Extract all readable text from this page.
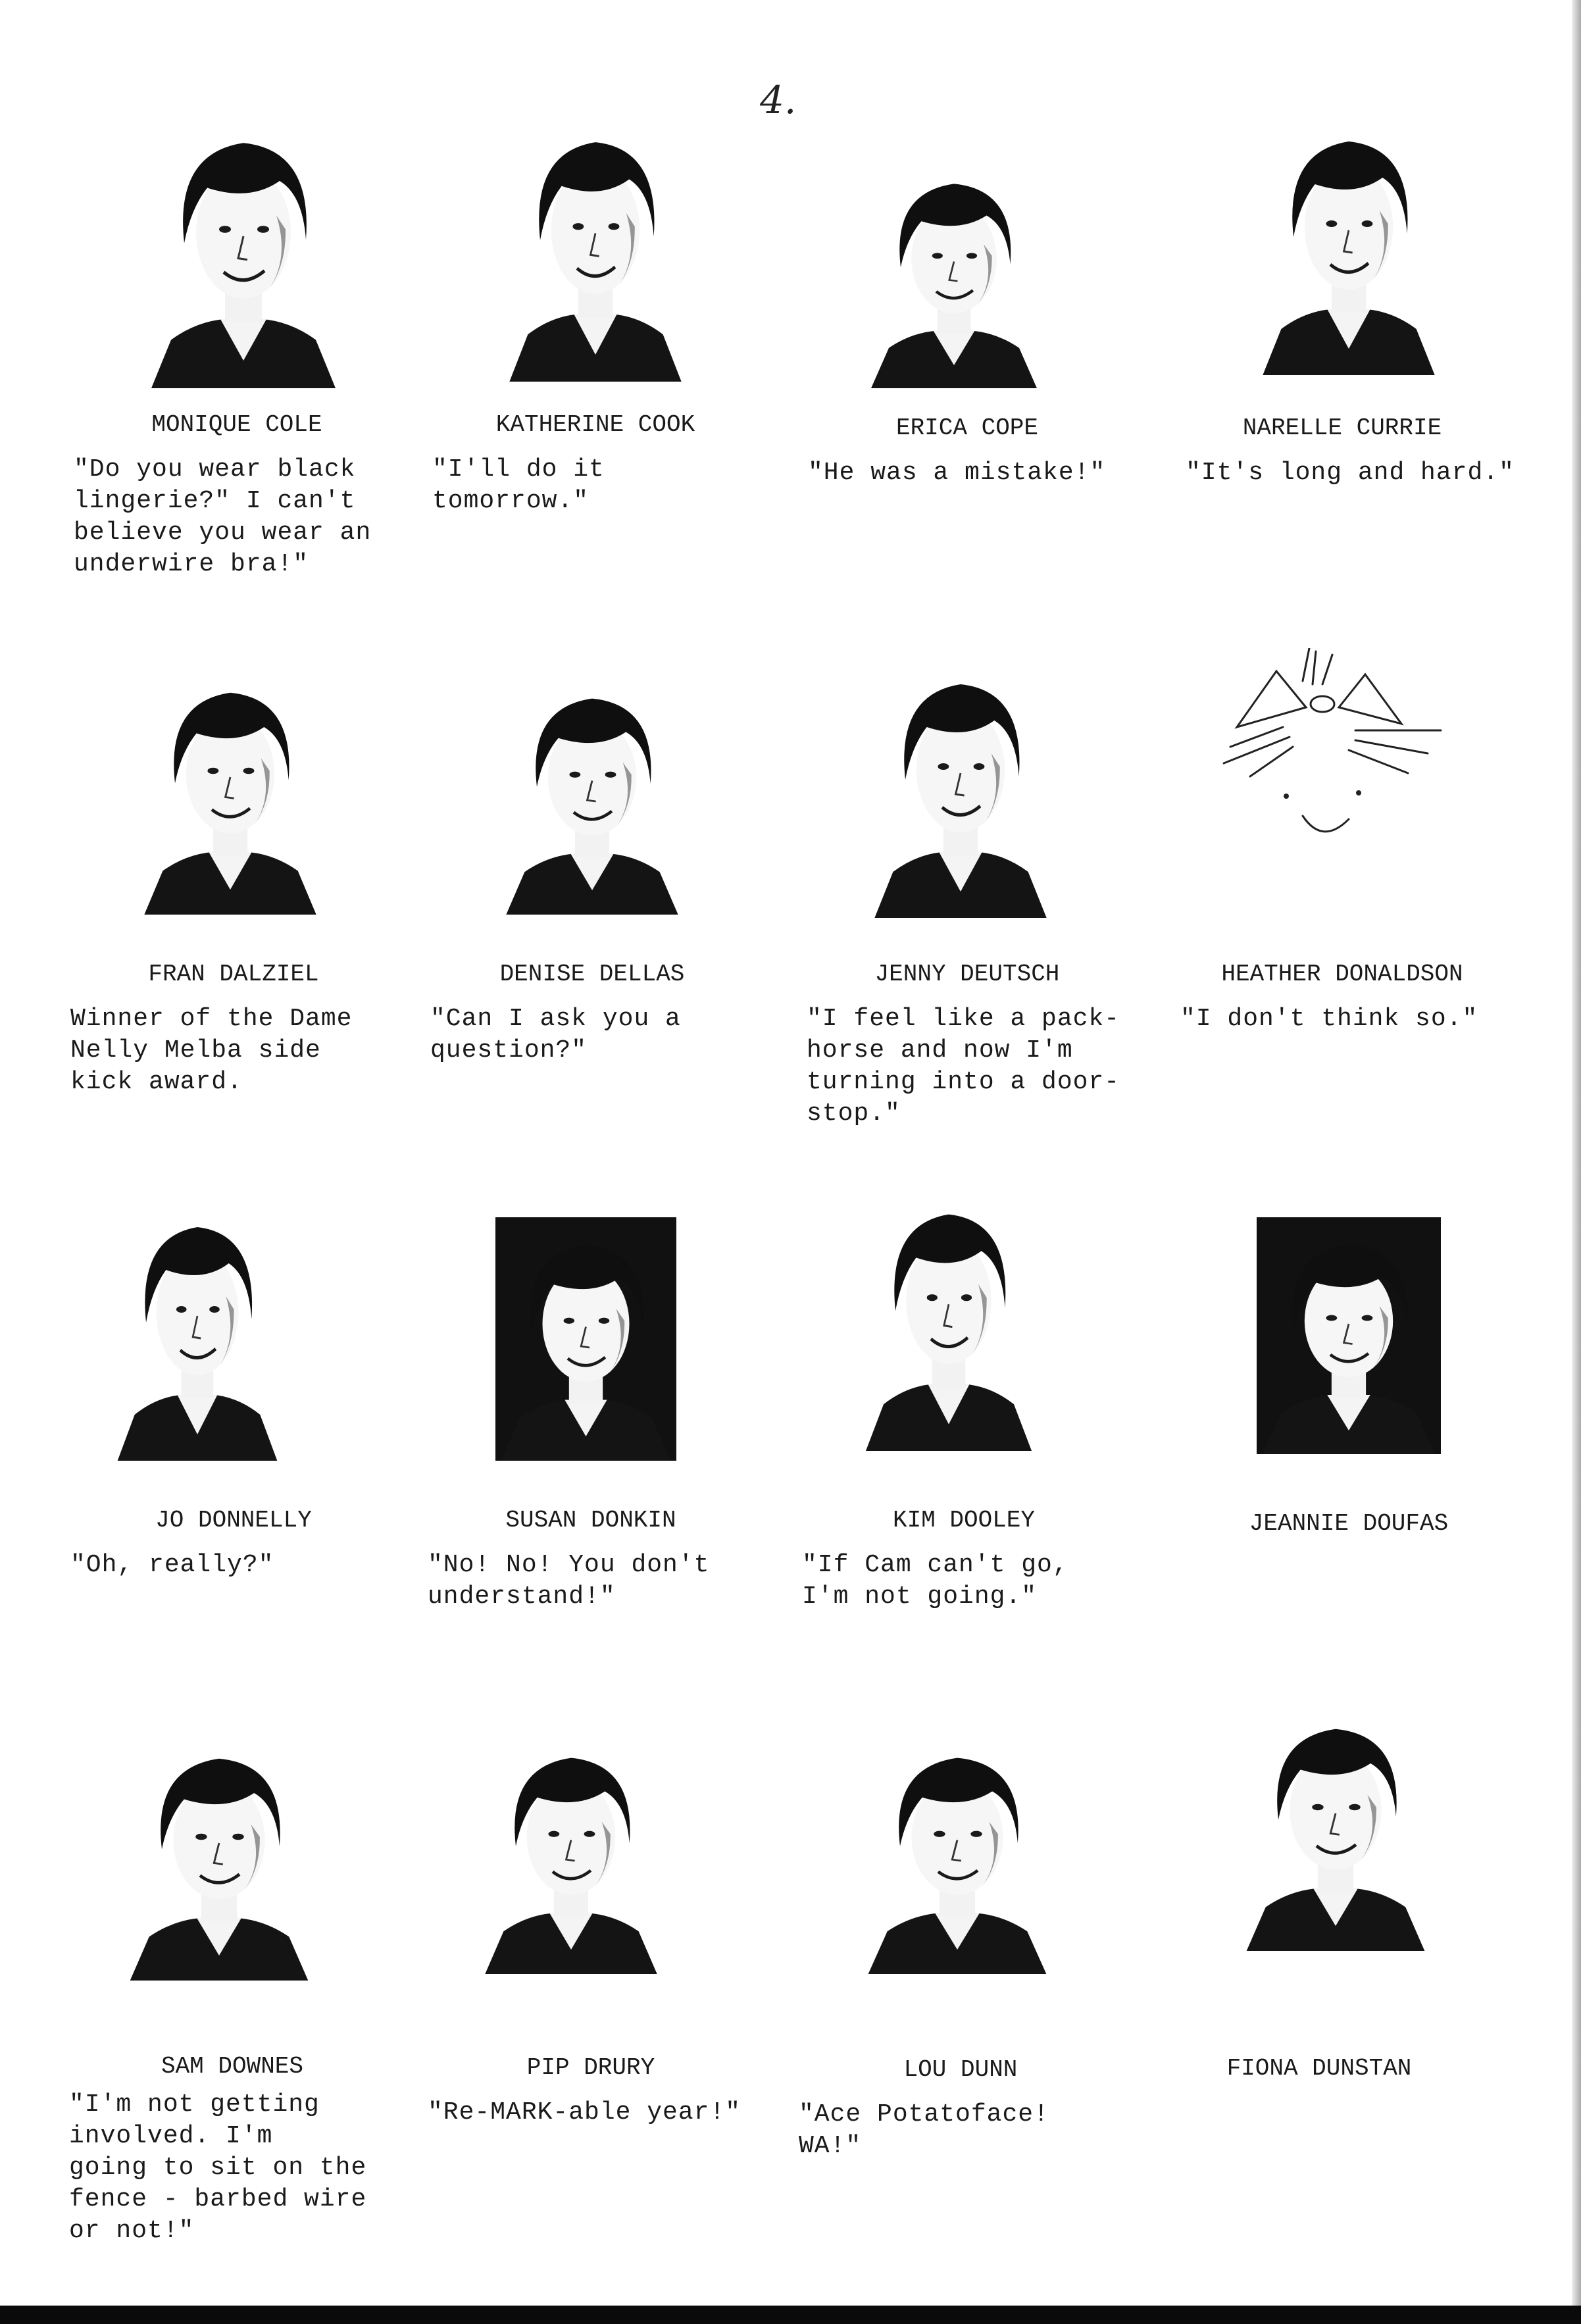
4.
MONIQUE COLE
"Do you wear black
lingerie?" I can't
believe you wear an
underwire bra!"
KATHERINE COOK
"I'll do it
tomorrow."
ERICA COPE
"He was a mistake!"
NARELLE CURRIE
"It's long and hard."
FRAN DALZIEL
Winner of the Dame
Nelly Melba side
kick award.
DENISE DELLAS
"Can I ask you a
question?"
JENNY DEUTSCH
"I feel like a pack-
horse and now I'm
turning into a door-
stop."
HEATHER DONALDSON
"I don't think so."
JO DONNELLY
"Oh, really?"
SUSAN DONKIN
"No! No! You don't
understand!"
KIM DOOLEY
"If Cam can't go,
I'm not going."
JEANNIE DOUFAS
SAM DOWNES
"I'm not getting
involved. I'm
going to sit on the
fence - barbed wire
or not!"
PIP DRURY
"Re-MARK-able year!"
LOU DUNN
"Ace Potatoface!
WA!"
FIONA DUNSTAN
